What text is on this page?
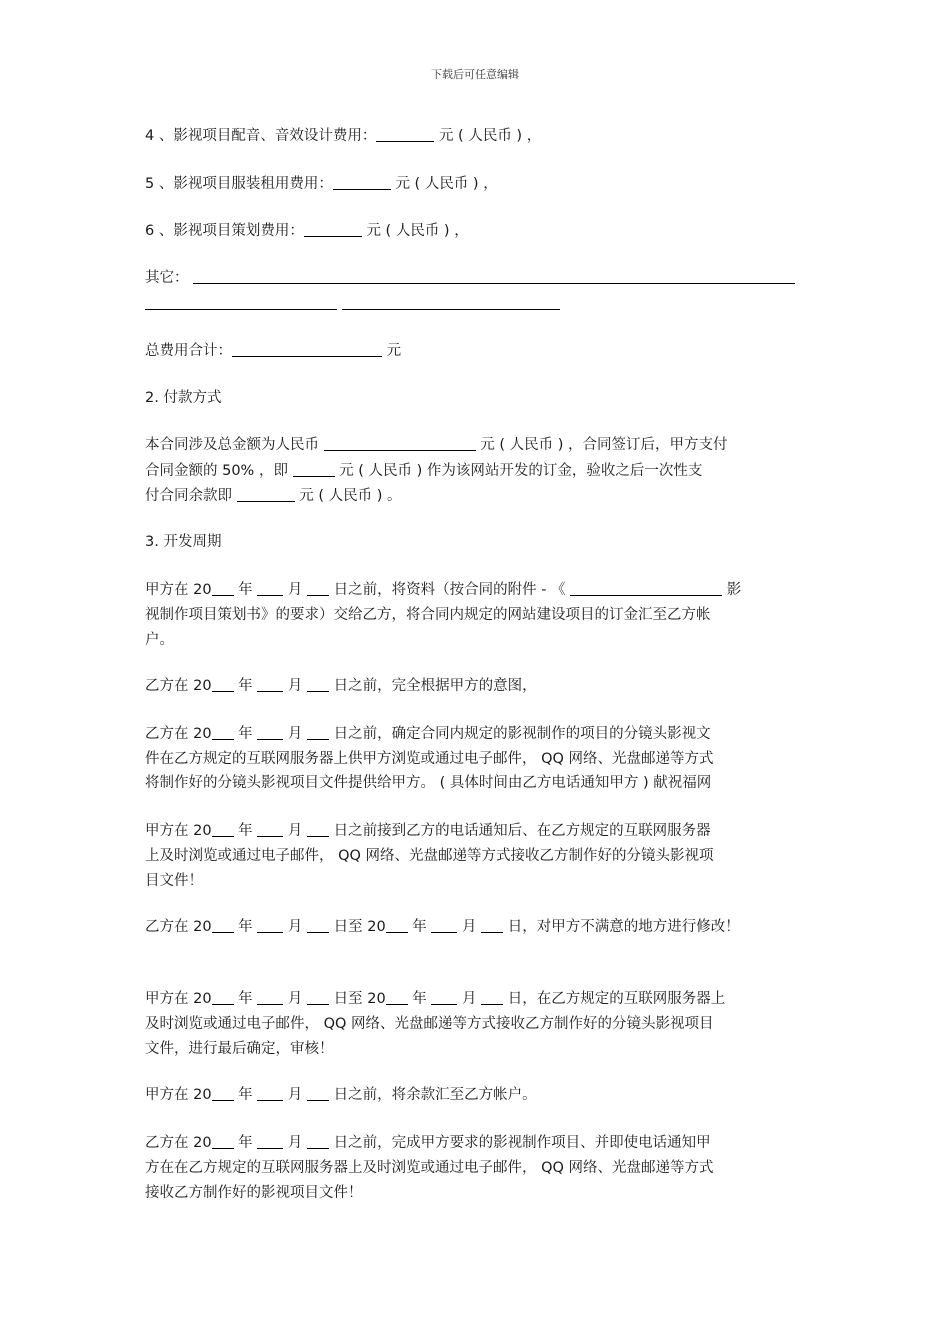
下载后可任意编辑
4 、影视项目配音、音效设计费用：	元 ( 人民币 ) ，
5 、影视项目服装租用费用：	元 ( 人民币 ) ，
6 、影视项目策划费用：	元 ( 人民币 ) ，
其它：

总费用合计：	元
2. 付款方式
本合同涉及总金额为人民币	元 ( 人民币 ) ，合同签订后，甲方支付
合同金额的 50% ，即	元 ( 人民币 ) 作为该网站开发的订金，验收之后一次性支
付合同余款即	元 ( 人民币 ) 。
3. 开发周期
甲方在 20 年  月  日之前，将资料（按合同的附件 - 《	影
视制作项目策划书》的要求）交给乙方，将合同内规定的网站建设项目的订金汇至乙方帐
户。
乙方在 20 年  月  日之前，完全根据甲方的意图，
乙方在 20 年  月  日之前，确定合同内规定的影视制作的项目的分镜头影视文
件在乙方规定的互联网服务器上供甲方浏览或通过电子邮件， QQ 网络、光盘邮递等方式
将制作好的分镜头影视项目文件提供给甲方。 ( 具体时间由乙方电话通知甲方 ) 献祝福网
甲方在 20 年  月  日之前接到乙方的电话通知后、在乙方规定的互联网服务器
上及时浏览或通过电子邮件， QQ 网络、光盘邮递等方式接收乙方制作好的分镜头影视项
目文件！
乙方在 20 年  月  日至 20 年  月  日，对甲方不满意的地方进行修改！
甲方在 20 年  月  日至 20 年  月  日，在乙方规定的互联网服务器上
及时浏览或通过电子邮件， QQ 网络、光盘邮递等方式接收乙方制作好的分镜头影视项目
文件，进行最后确定，审核！
甲方在 20 年  月  日之前，将余款汇至乙方帐户。
乙方在 20 年  月  日之前，完成甲方要求的影视制作项目、并即使电话通知甲
方在在乙方规定的互联网服务器上及时浏览或通过电子邮件， QQ 网络、光盘邮递等方式
接收乙方制作好的影视项目文件！
